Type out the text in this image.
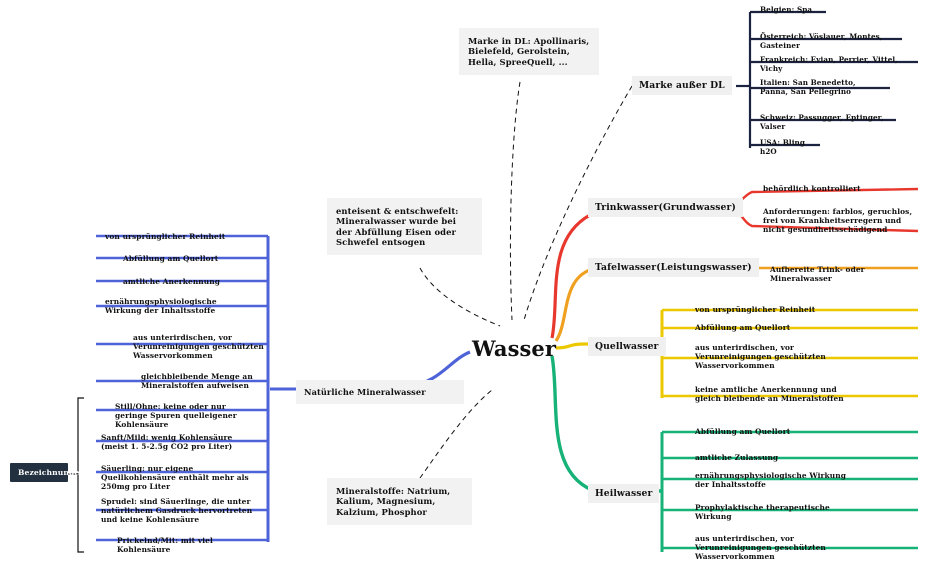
Wasser
Marke in DL: Apollinaris, Bielefeld, Gerolstein, Hella, SpreeQuell, ...
enteisent & entschwefelt: Mineralwasser wurde bei der Abfüllung Eisen oder Schwefel entsogen
Mineralstoffe: Natrium, Kalium, Magnesium, Kalzium, Phosphor
Marke außer DL
Belgien: Spa
Österreich: Vöslauer, Montes, Gasteiner
Frankreich: Evian, Perrier, Vittel, Vichy
Italien: San Benedetto, Panna, San Pellegrino
Schweiz: Passugger, Eptinger, Valser
USA: Bling h2O
Trinkwasser(Grundwasser)
behördlich kontrolliert
Anforderungen: farblos, geruchlos, frei von Krankheitserregern und nicht gesundheitsschädigend
Tafelwasser(Leistungswasser)	Aufbereite Trink- oder Mineralwasser
Quellwasser
von ursprünglicher Reinheit
Abfüllung am Quellort
aus unterirdischen, vor Verunreinigungen geschützten Wasservorkommen
keine amtliche Anerkennung und gleich bleibende an Mineralstoffen
Heilwasser
Abfüllung am Quellort
amtliche Zulassung
ernährungsphysiologische Wirkung der Inhaltsstoffe
Prophylaktische therapeutische Wirkung
aus unterirdischen, vor Verunreinigungen geschützten Wasservorkommen
Natürliche Mineralwasser
von ursprünglicher Reinheit
Abfüllung am Quellort
amtliche Anerkennung
ernährungsphysiologische Wirkung der Inhaltsstoffe
aus unterirdischen, vor Verunreinigungen geschützten Wasservorkommen
gleichbleibende Menge an Mineralstoffen aufweisen
Still/Ohne: keine oder nur geringe Spuren quelleigener Kohlensäure
Sanft/Mild: wenig Kohlensäure (meist 1. 5-2.5g CO2 pro Liter)
Säuerling: nur eigene Quellkohlensäure enthält mehr als 250mg pro Liter
Sprudel: sind Säuerlinge, die unter natürlichem Gasdruck hervortreten und keine Kohlensäure
Prickelnd/Mit: mit viel Kohlensäure
Bezeichnungen
